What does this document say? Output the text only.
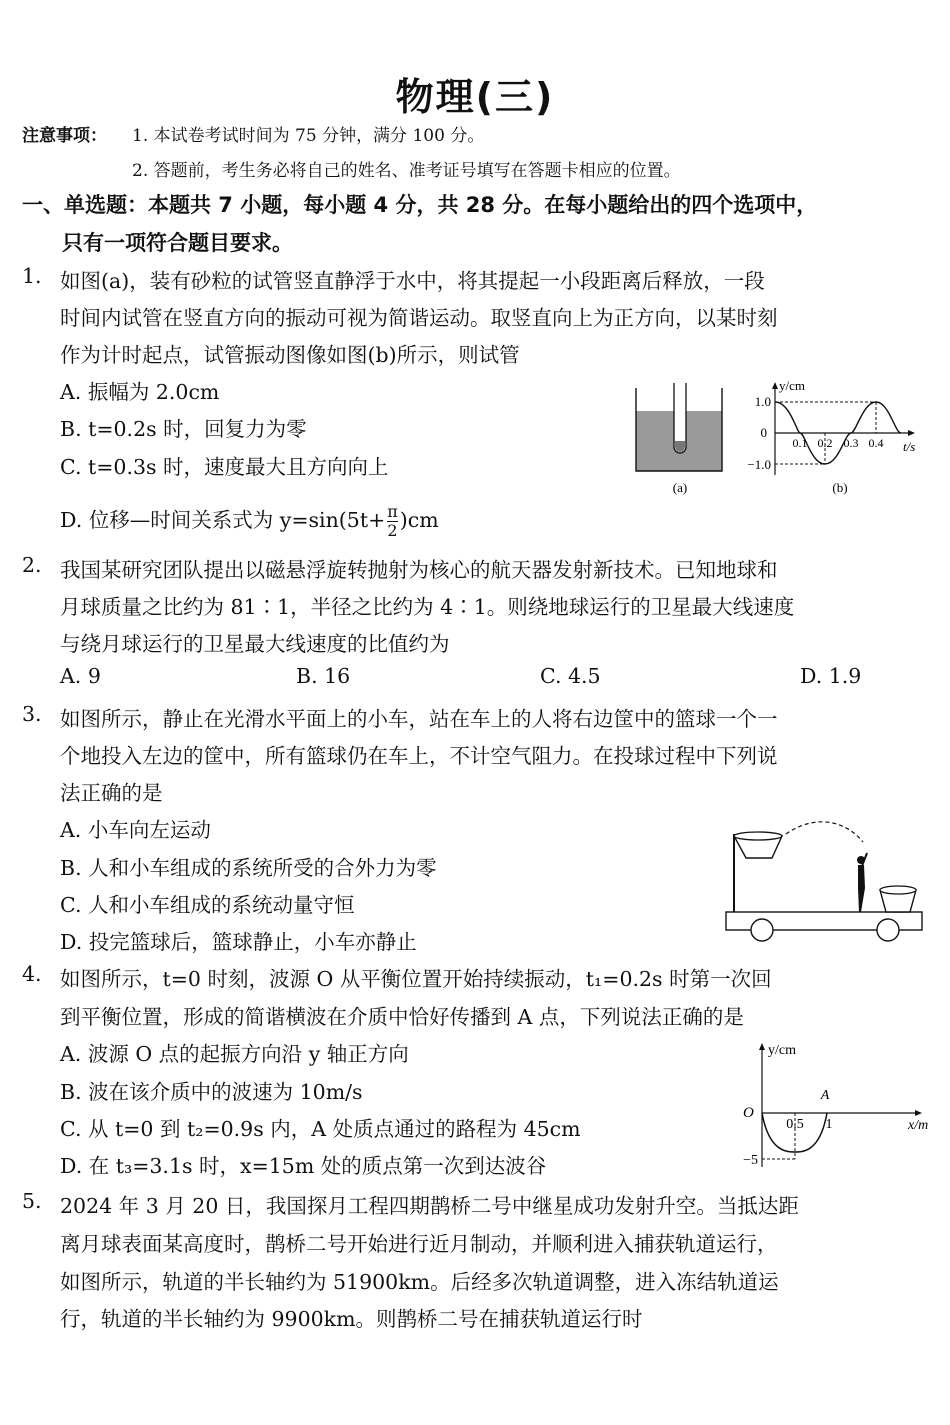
物理(三)
注意事项： 1. 本试卷考试时间为 75 分钟，满分 100 分。
2. 答题前，考生务必将自己的姓名、准考证号填写在答题卡相应的位置。
一、单选题：本题共 7 小题，每小题 4 分，共 28 分。在每小题给出的四个选项中，
只有一项符合题目要求。
1. 如图(a)，装有砂粒的试管竖直静浮于水中，将其提起一小段距离后释放，一段
时间内试管在竖直方向的振动可视为简谐运动。取竖直向上为正方向，以某时刻
作为计时起点，试管振动图像如图(b)所示，则试管
A. 振幅为 2.0cm
B. t=0.2s 时，回复力为零
C. t=0.3s 时，速度最大且方向向上
D. 位移—时间关系式为 $y=\sin(5t+ \frac{\pi}{2} )cm$
(a)
y/cm
t/s
1.0
−1.0
0
0.1 0.2 0.3 0.4
(b)
2. 我国某研究团队提出以磁悬浮旋转抛射为核心的航天器发射新技术。已知地球和
月球质量之比约为 81∶1，半径之比约为 4∶1。则绕地球运行的卫星最大线速度
与绕月球运行的卫星最大线速度的比值约为
A. 9	B. 16	C. 4.5	D. 1.9
3. 如图所示，静止在光滑水平面上的小车，站在车上的人将右边筐中的篮球一个一
个地投入左边的筐中，所有篮球仍在车上，不计空气阻力。在投球过程中下列说
法正确的是
A. 小车向左运动
B. 人和小车组成的系统所受的合外力为零
C. 人和小车组成的系统动量守恒
D. 投完篮球后，篮球静止，小车亦静止
4. 如图所示，t=0 时刻，波源 O 从平衡位置开始持续振动，t₁=0.2s 时第一次回
到平衡位置，形成的简谐横波在介质中恰好传播到 A 点，下列说法正确的是
A. 波源 O 点的起振方向沿 y 轴正方向
B. 波在该介质中的波速为 10m/s
C. 从 t=0 到 t₂=0.9s 内，A 处质点通过的路程为 45cm
D. 在 t₃=3.1s 时，x=15m 处的质点第一次到达波谷
y/cm
x/m
O
0.5 1
A
−5
5. 2024 年 3 月 20 日，我国探月工程四期鹊桥二号中继星成功发射升空。当抵达距
离月球表面某高度时，鹊桥二号开始进行近月制动，并顺利进入捕获轨道运行，
如图所示，轨道的半长轴约为 51900km。后经多次轨道调整，进入冻结轨道运
行，轨道的半长轴约为 9900km。则鹊桥二号在捕获轨道运行时
